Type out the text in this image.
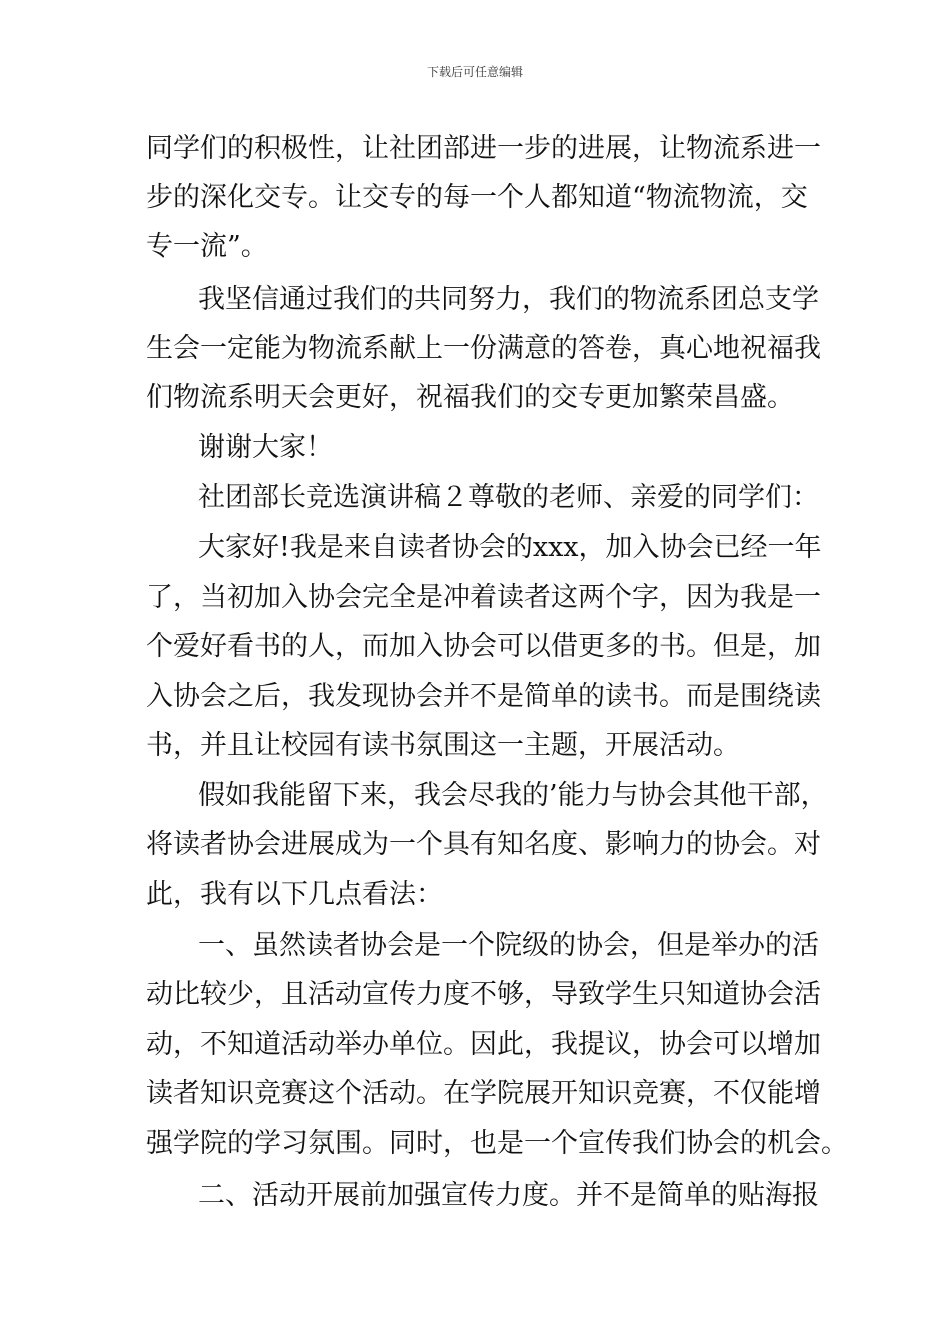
下载后可任意编辑
同学们的积极性，让社团部进一步的进展，让物流系进一
步的深化交专。让交专的每一个人都知道“物流物流，交
专一流”。
我坚信通过我们的共同努力，我们的物流系团总支学
生会一定能为物流系献上一份满意的答卷，真心地祝福我
们物流系明天会更好，祝福我们的交专更加繁荣昌盛。
谢谢大家！
社团部长竞选演讲稿２尊敬的老师、亲爱的同学们：
大家好!我是来自读者协会的xxx，加入协会已经一年
了，当初加入协会完全是冲着读者这两个字，因为我是一
个爱好看书的人，而加入协会可以借更多的书。但是，加
入协会之后，我发现协会并不是简单的读书。而是围绕读
书，并且让校园有读书氛围这一主题，开展活动。
假如我能留下来，我会尽我的’能力与协会其他干部，
将读者协会进展成为一个具有知名度、影响力的协会。对
此，我有以下几点看法：
一、虽然读者协会是一个院级的协会，但是举办的活
动比较少，且活动宣传力度不够，导致学生只知道协会活
动，不知道活动举办单位。因此，我提议，协会可以增加
读者知识竞赛这个活动。在学院展开知识竞赛，不仅能增
强学院的学习氛围。同时，也是一个宣传我们协会的机会。
二、活动开展前加强宣传力度。并不是简单的贴海报
